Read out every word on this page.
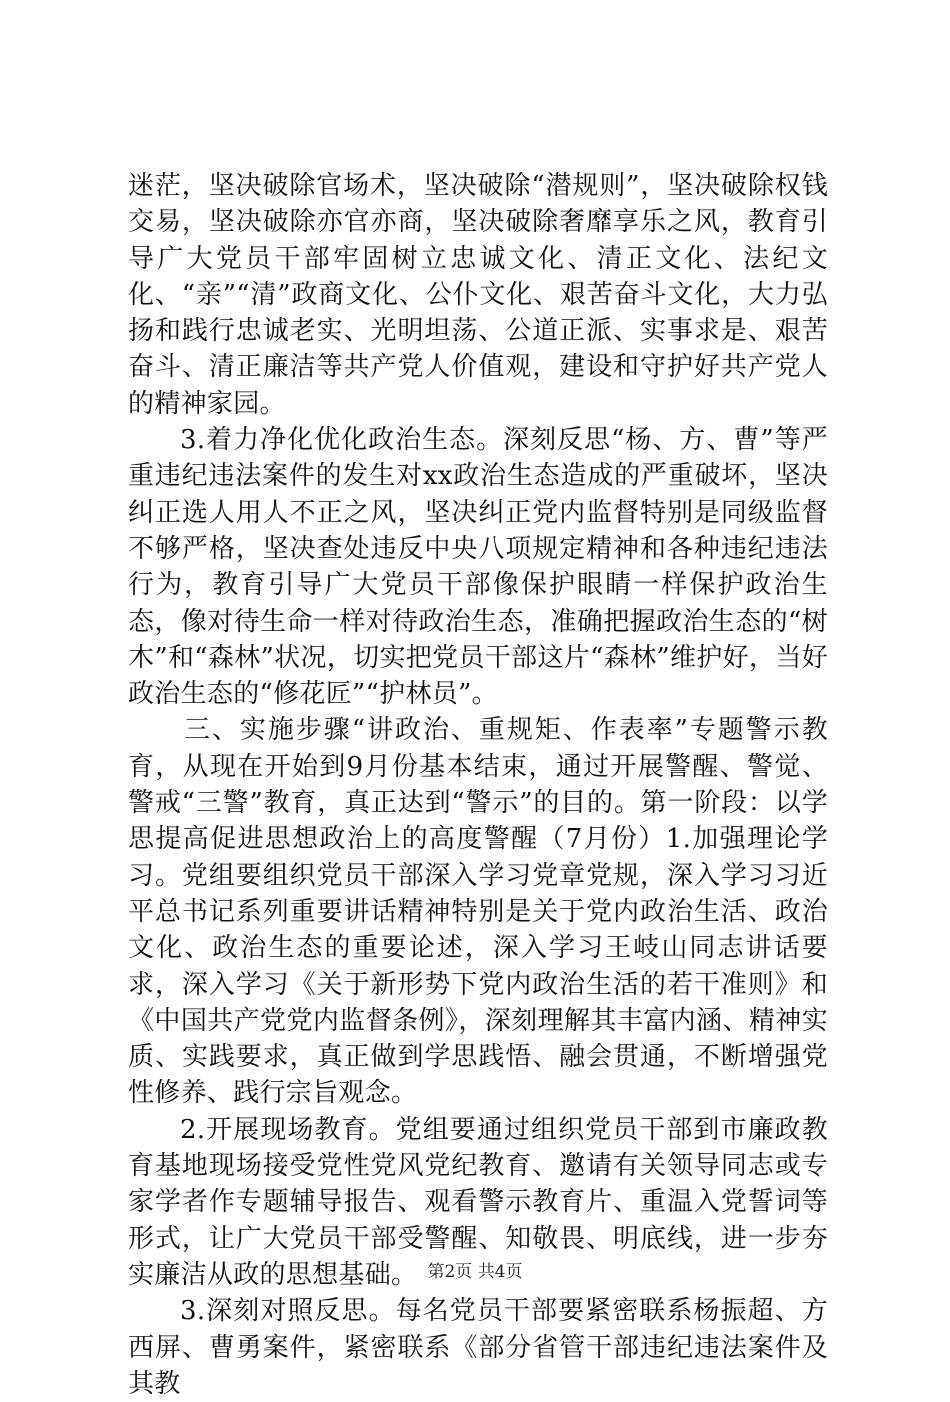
迷茫，坚决破除官场术，坚决破除“潜规则”，坚决破除权钱交易，坚决破除亦官亦商，坚决破除奢靡享乐之风，教育引导广大党员干部牢固树立忠诚文化、清正文化、法纪文化、“亲”“清”政商文化、公仆文化、艰苦奋斗文化，大力弘扬和践行忠诚老实、光明坦荡、公道正派、实事求是、艰苦奋斗、清正廉洁等共产党人价值观，建设和守护好共产党人的精神家园。

3.着力净化优化政治生态。深刻反思“杨、方、曹”等严重违纪违法案件的发生对xx政治生态造成的严重破坏，坚决纠正选人用人不正之风，坚决纠正党内监督特别是同级监督不够严格，坚决查处违反中央八项规定精神和各种违纪违法行为，教育引导广大党员干部像保护眼睛一样保护政治生态，像对待生命一样对待政治生态，准确把握政治生态的“树木”和“森林”状况，切实把党员干部这片“森林”维护好，当好政治生态的“修花匠”“护林员”。

三、实施步骤“讲政治、重规矩、作表率”专题警示教育，从现在开始到9月份基本结束，通过开展警醒、警觉、警戒“三警”教育，真正达到“警示”的目的。第一阶段：以学思提高促进思想政治上的高度警醒（7月份）1.加强理论学习。党组要组织党员干部深入学习党章党规，深入学习习近平总书记系列重要讲话精神特别是关于党内政治生活、政治文化、政治生态的重要论述，深入学习王岐山同志讲话要求，深入学习《关于新形势下党内政治生活的若干准则》和《中国共产党党内监督条例》，深刻理解其丰富内涵、精神实质、实践要求，真正做到学思践悟、融会贯通，不断增强党性修养、践行宗旨观念。

2.开展现场教育。党组要通过组织党员干部到市廉政教育基地现场接受党性党风党纪教育、邀请有关领导同志或专家学者作专题辅导报告、观看警示教育片、重温入党誓词等形式，让广大党员干部受警醒、知敬畏、明底线，进一步夯实廉洁从政的思想基础。

3.深刻对照反思。每名党员干部要紧密联系杨振超、方西屏、曹勇案件，紧密联系《部分省管干部违纪违法案件及其教

第2页 共4页
